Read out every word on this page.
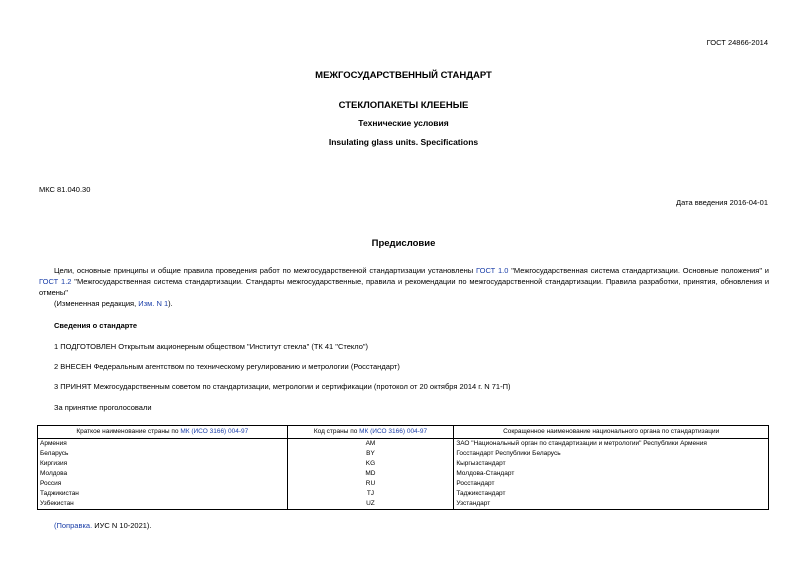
ГОСТ 24866-2014
МЕЖГОСУДАРСТВЕННЫЙ СТАНДАРТ
СТЕКЛОПАКЕТЫ КЛЕЕНЫЕ
Технические условия
Insulating glass units. Specifications
МКС 81.040.30
Дата введения 2016-04-01
Предисловие
Цели, основные принципы и общие правила проведения работ по межгосударственной стандартизации установлены ГОСТ 1.0 "Межгосударственная система стандартизации. Основные положения" и ГОСТ 1.2 "Межгосударственная система стандартизации. Стандарты межгосударственные, правила и рекомендации по межгосударственной стандартизации. Правила разработки, принятия, обновления и отмены"
(Измененная редакция, Изм. N 1).
Сведения о стандарте
1 ПОДГОТОВЛЕН Открытым акционерным обществом "Институт стекла" (ТК 41 "Стекло")
2 ВНЕСЕН Федеральным агентством по техническому регулированию и метрологии (Росстандарт)
3 ПРИНЯТ Межгосударственным советом по стандартизации, метрологии и сертификации (протокол от 20 октября 2014 г. N 71-П)
За принятие проголосовали
Краткое наименование страны по МК (ИСО 3166) 004-97	Код страны по МК (ИСО 3166) 004-97	Сокращенное наименование национального органа по стандартизации
Армения	AM	ЗАО "Национальный орган по стандартизации и метрологии" Республики Армения
Беларусь	BY	Госстандарт Республики Беларусь
Киргизия	KG	Кыргызстандарт
Молдова	MD	Молдова-Стандарт
Россия	RU	Росстандарт
Таджикистан	TJ	Таджикстандарт
Узбекистан	UZ	Узстандарт
(Поправка. ИУС N 10-2021).
